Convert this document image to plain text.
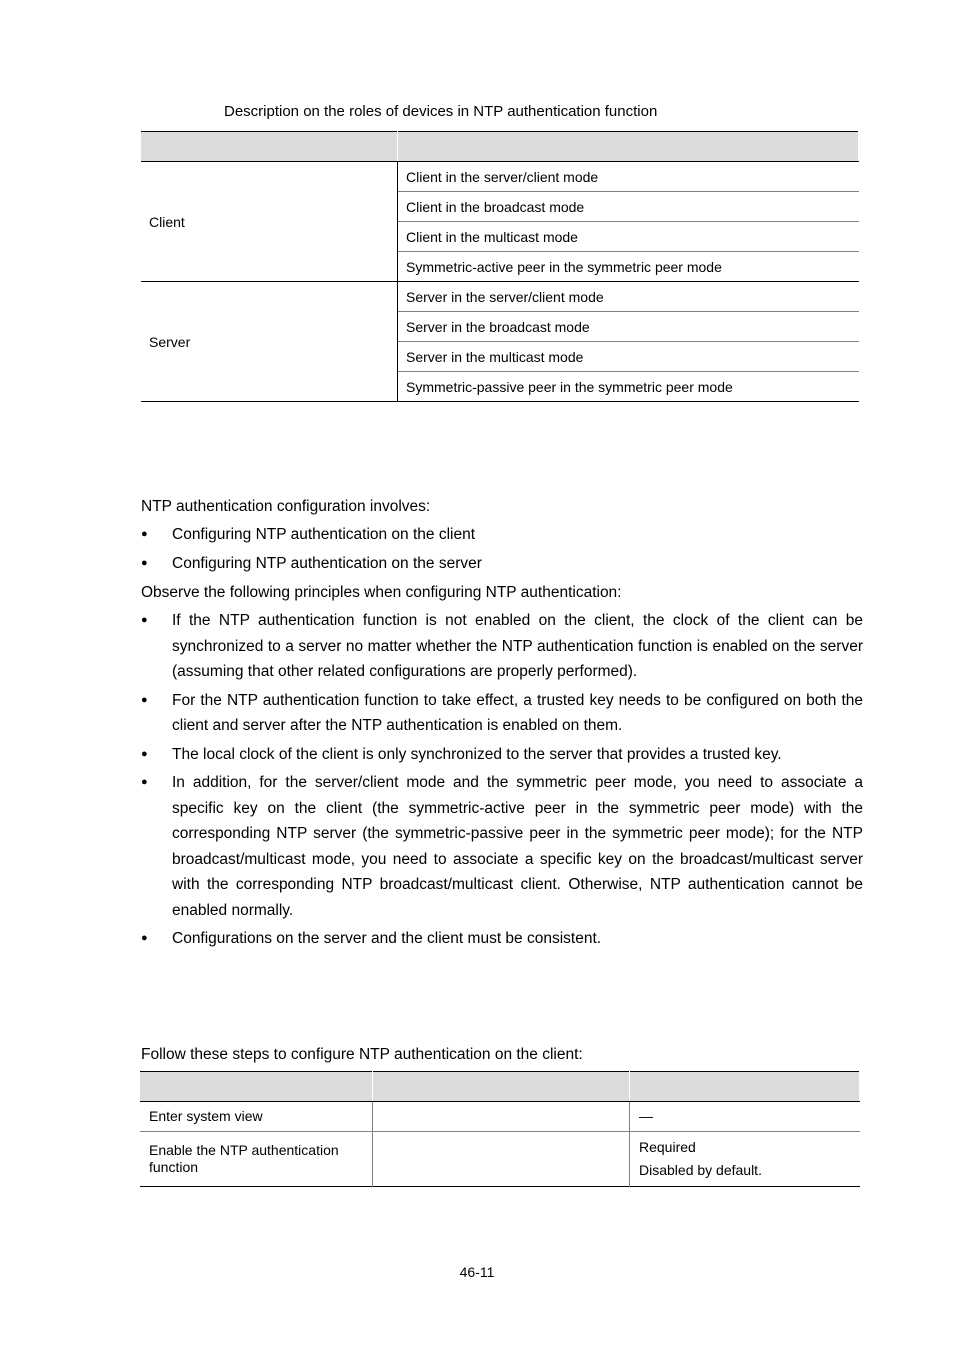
Description on the roles of devices in NTP authentication function

Client	Client in the server/client mode
	Client in the broadcast mode
	Client in the multicast mode
	Symmetric-active peer in the symmetric peer mode
Server	Server in the server/client mode
	Server in the broadcast mode
	Server in the multicast mode
	Symmetric-passive peer in the symmetric peer mode
NTP authentication configuration involves:
● Configuring NTP authentication on the client
● Configuring NTP authentication on the server
Observe the following principles when configuring NTP authentication:
● If the NTP authentication function is not enabled on the client, the clock of the client can be synchronized to a server no matter whether the NTP authentication function is enabled on the server (assuming that other related configurations are properly performed).
● For the NTP authentication function to take effect, a trusted key needs to be configured on both the client and server after the NTP authentication is enabled on them.
● The local clock of the client is only synchronized to the server that provides a trusted key.
● In addition, for the server/client mode and the symmetric peer mode, you need to associate a specific key on the client (the symmetric-active peer in the symmetric peer mode) with the corresponding NTP server (the symmetric-passive peer in the symmetric peer mode); for the NTP broadcast/multicast mode, you need to associate a specific key on the broadcast/multicast server with the corresponding NTP broadcast/multicast client. Otherwise, NTP authentication cannot be enabled normally.
● Configurations on the server and the client must be consistent.
Follow these steps to configure NTP authentication on the client:

Enter system view		—
Enable the NTP authentication function		Required
Disabled by default.
46-11
